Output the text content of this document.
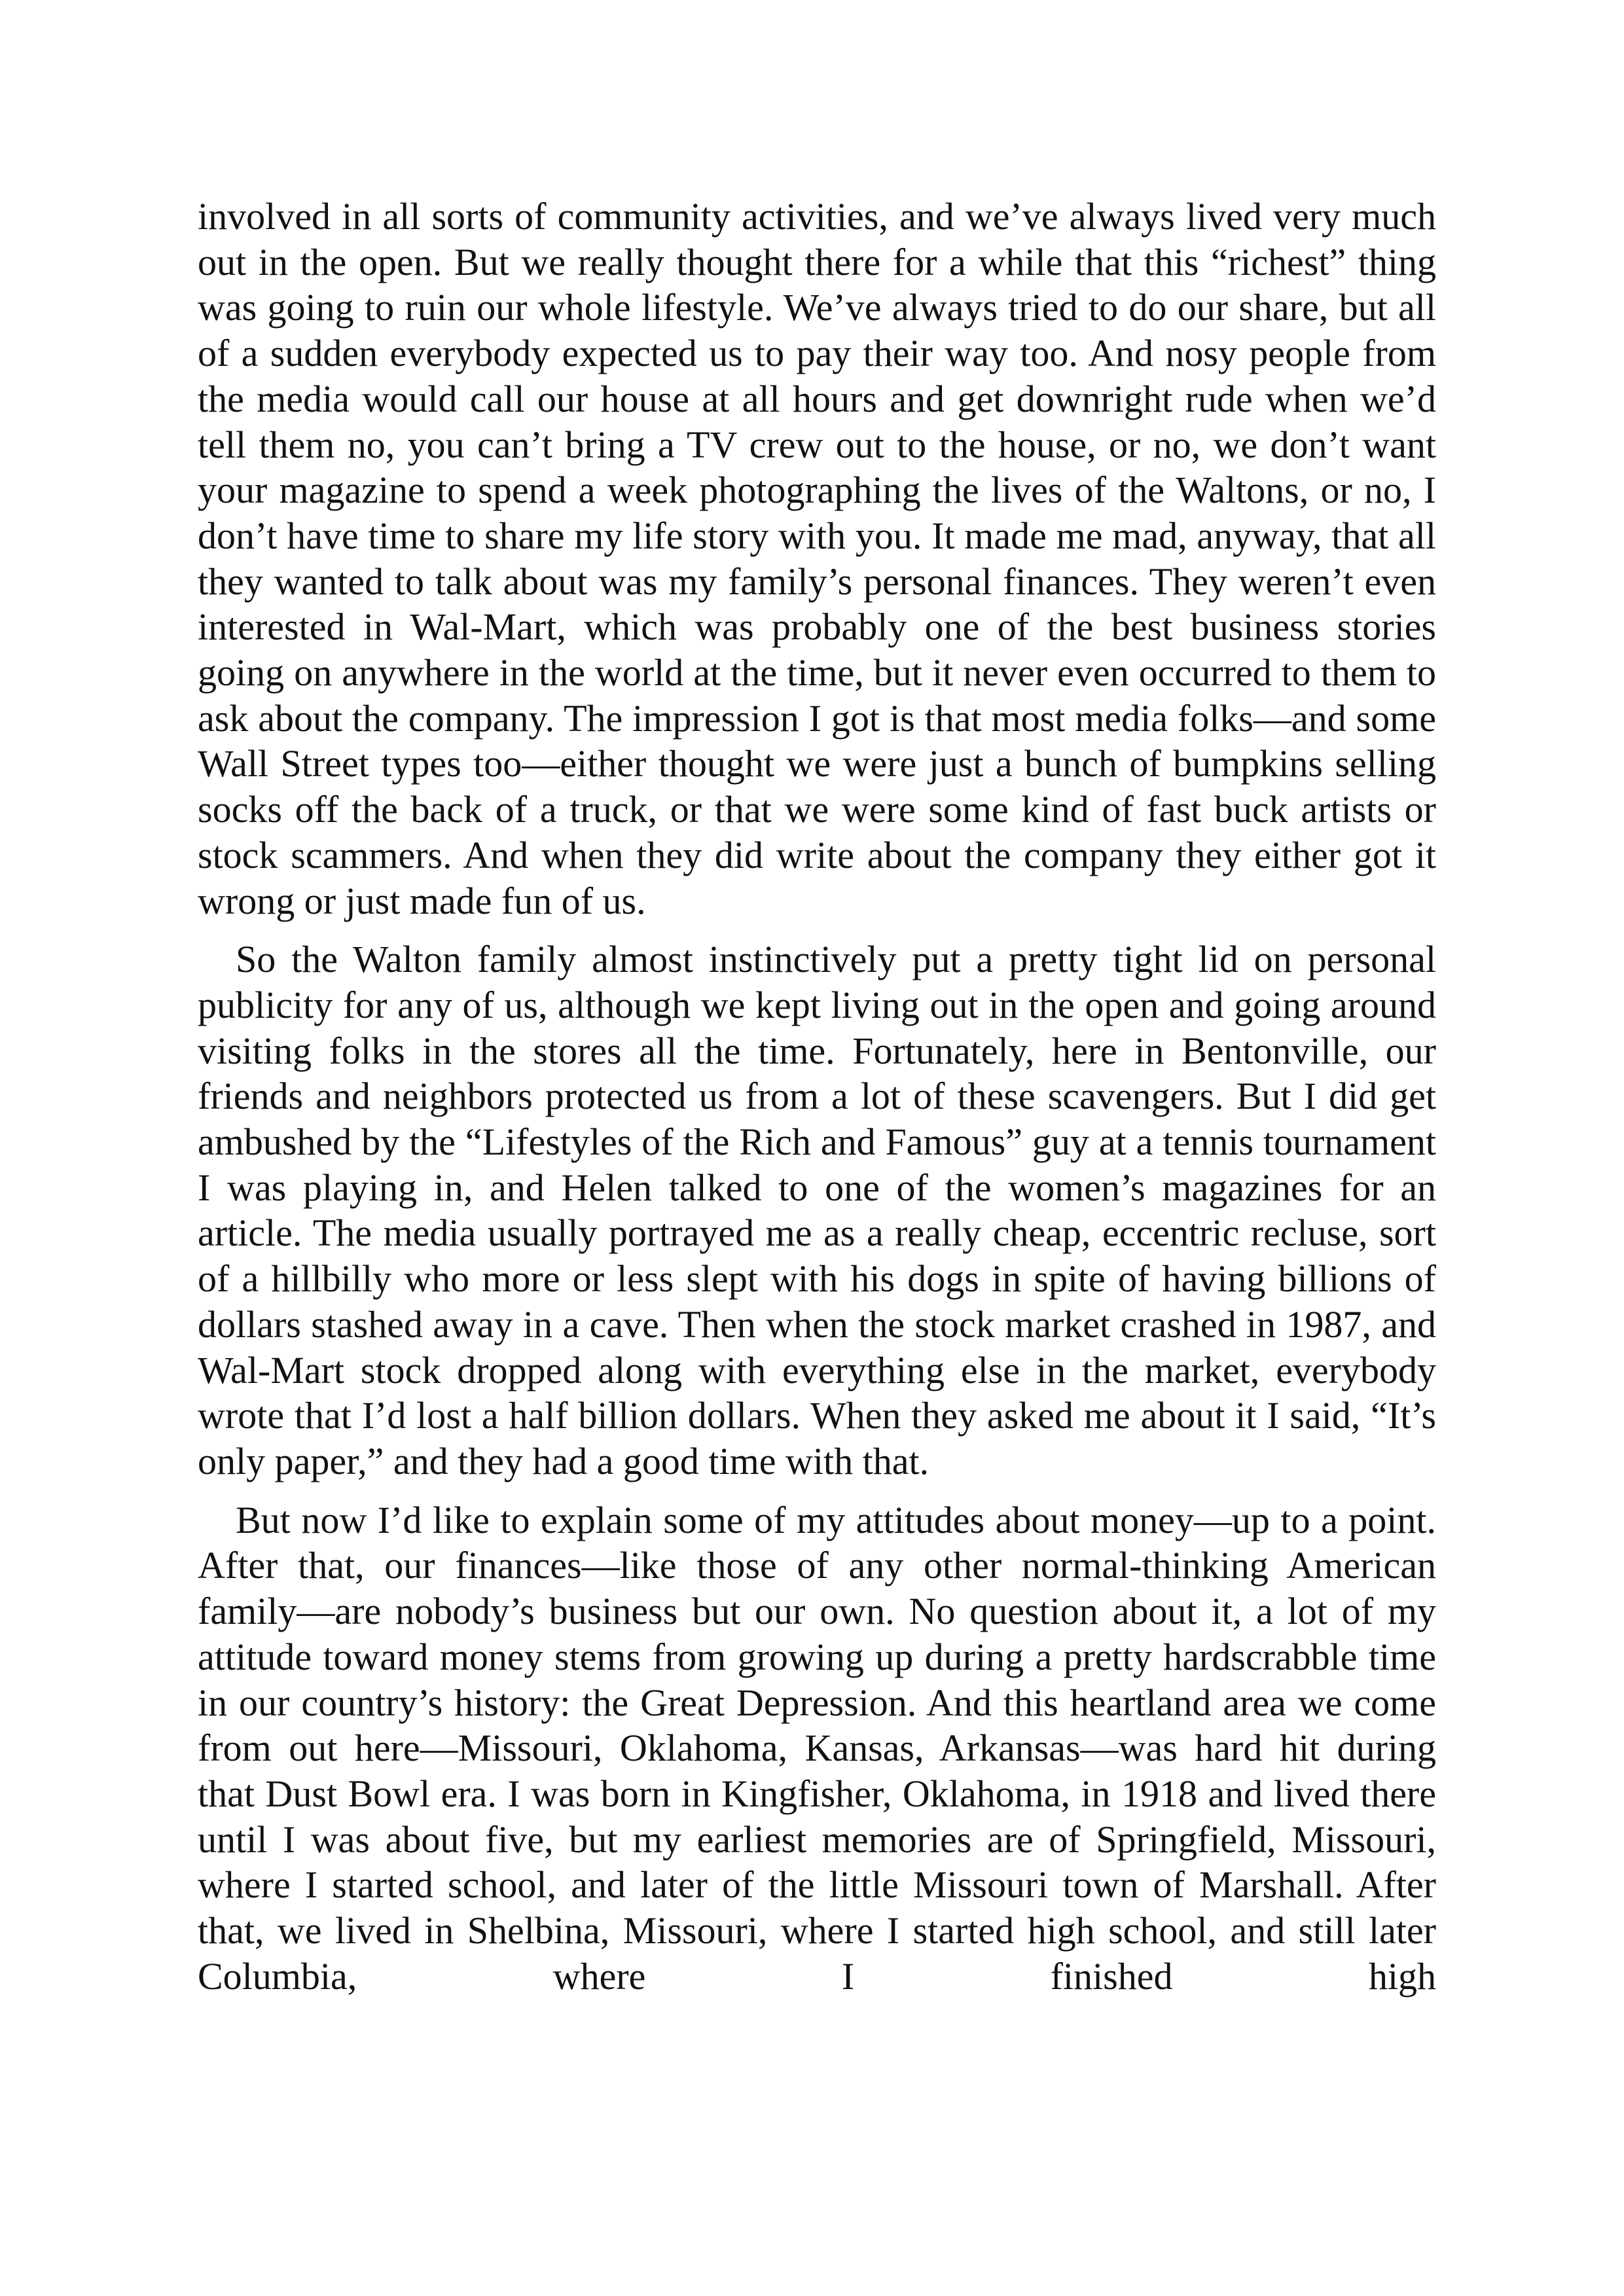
involved in all sorts of community activities, and we’ve always lived very much out in the open. But we really thought there for a while that this “richest” thing was going to ruin our whole lifestyle. We’ve always tried to do our share, but all of a sudden everybody expected us to pay their way too. And nosy people from the media would call our house at all hours and get downright rude when we’d tell them no, you can’t bring a TV crew out to the house, or no, we don’t want your magazine to spend a week photographing the lives of the Waltons, or no, I don’t have time to share my life story with you. It made me mad, anyway, that all they wanted to talk about was my family’s personal finances. They weren’t even interested in Wal-Mart, which was probably one of the best business stories going on anywhere in the world at the time, but it never even occurred to them to ask about the company. The impression I got is that most media folks—and some Wall Street types too—either thought we were just a bunch of bumpkins selling socks off the back of a truck, or that we were some kind of fast buck artists or stock scammers. And when they did write about the company they either got it wrong or just made fun of us.

So the Walton family almost instinctively put a pretty tight lid on personal publicity for any of us, although we kept living out in the open and going around visiting folks in the stores all the time. Fortunately, here in Bentonville, our friends and neighbors protected us from a lot of these scavengers. But I did get ambushed by the “Lifestyles of the Rich and Famous” guy at a tennis tournament I was playing in, and Helen talked to one of the women’s magazines for an article. The media usually portrayed me as a really cheap, eccentric recluse, sort of a hillbilly who more or less slept with his dogs in spite of having billions of dollars stashed away in a cave. Then when the stock market crashed in 1987, and Wal-Mart stock dropped along with everything else in the market, everybody wrote that I’d lost a half billion dollars. When they asked me about it I said, “It’s only paper,” and they had a good time with that.

But now I’d like to explain some of my attitudes about money—up to a point. After that, our finances—like those of any other normal-thinking American family—are nobody’s business but our own. No question about it, a lot of my attitude toward money stems from growing up during a pretty hardscrabble time in our country’s history: the Great Depression. And this heartland area we come from out here—Missouri, Oklahoma, Kansas, Arkansas—was hard hit during that Dust Bowl era. I was born in Kingfisher, Oklahoma, in 1918 and lived there until I was about five, but my earliest memories are of Springfield, Missouri, where I started school, and later of the little Missouri town of Marshall. After that, we lived in Shelbina, Missouri, where I started high school, and still later Columbia, where I finished high
